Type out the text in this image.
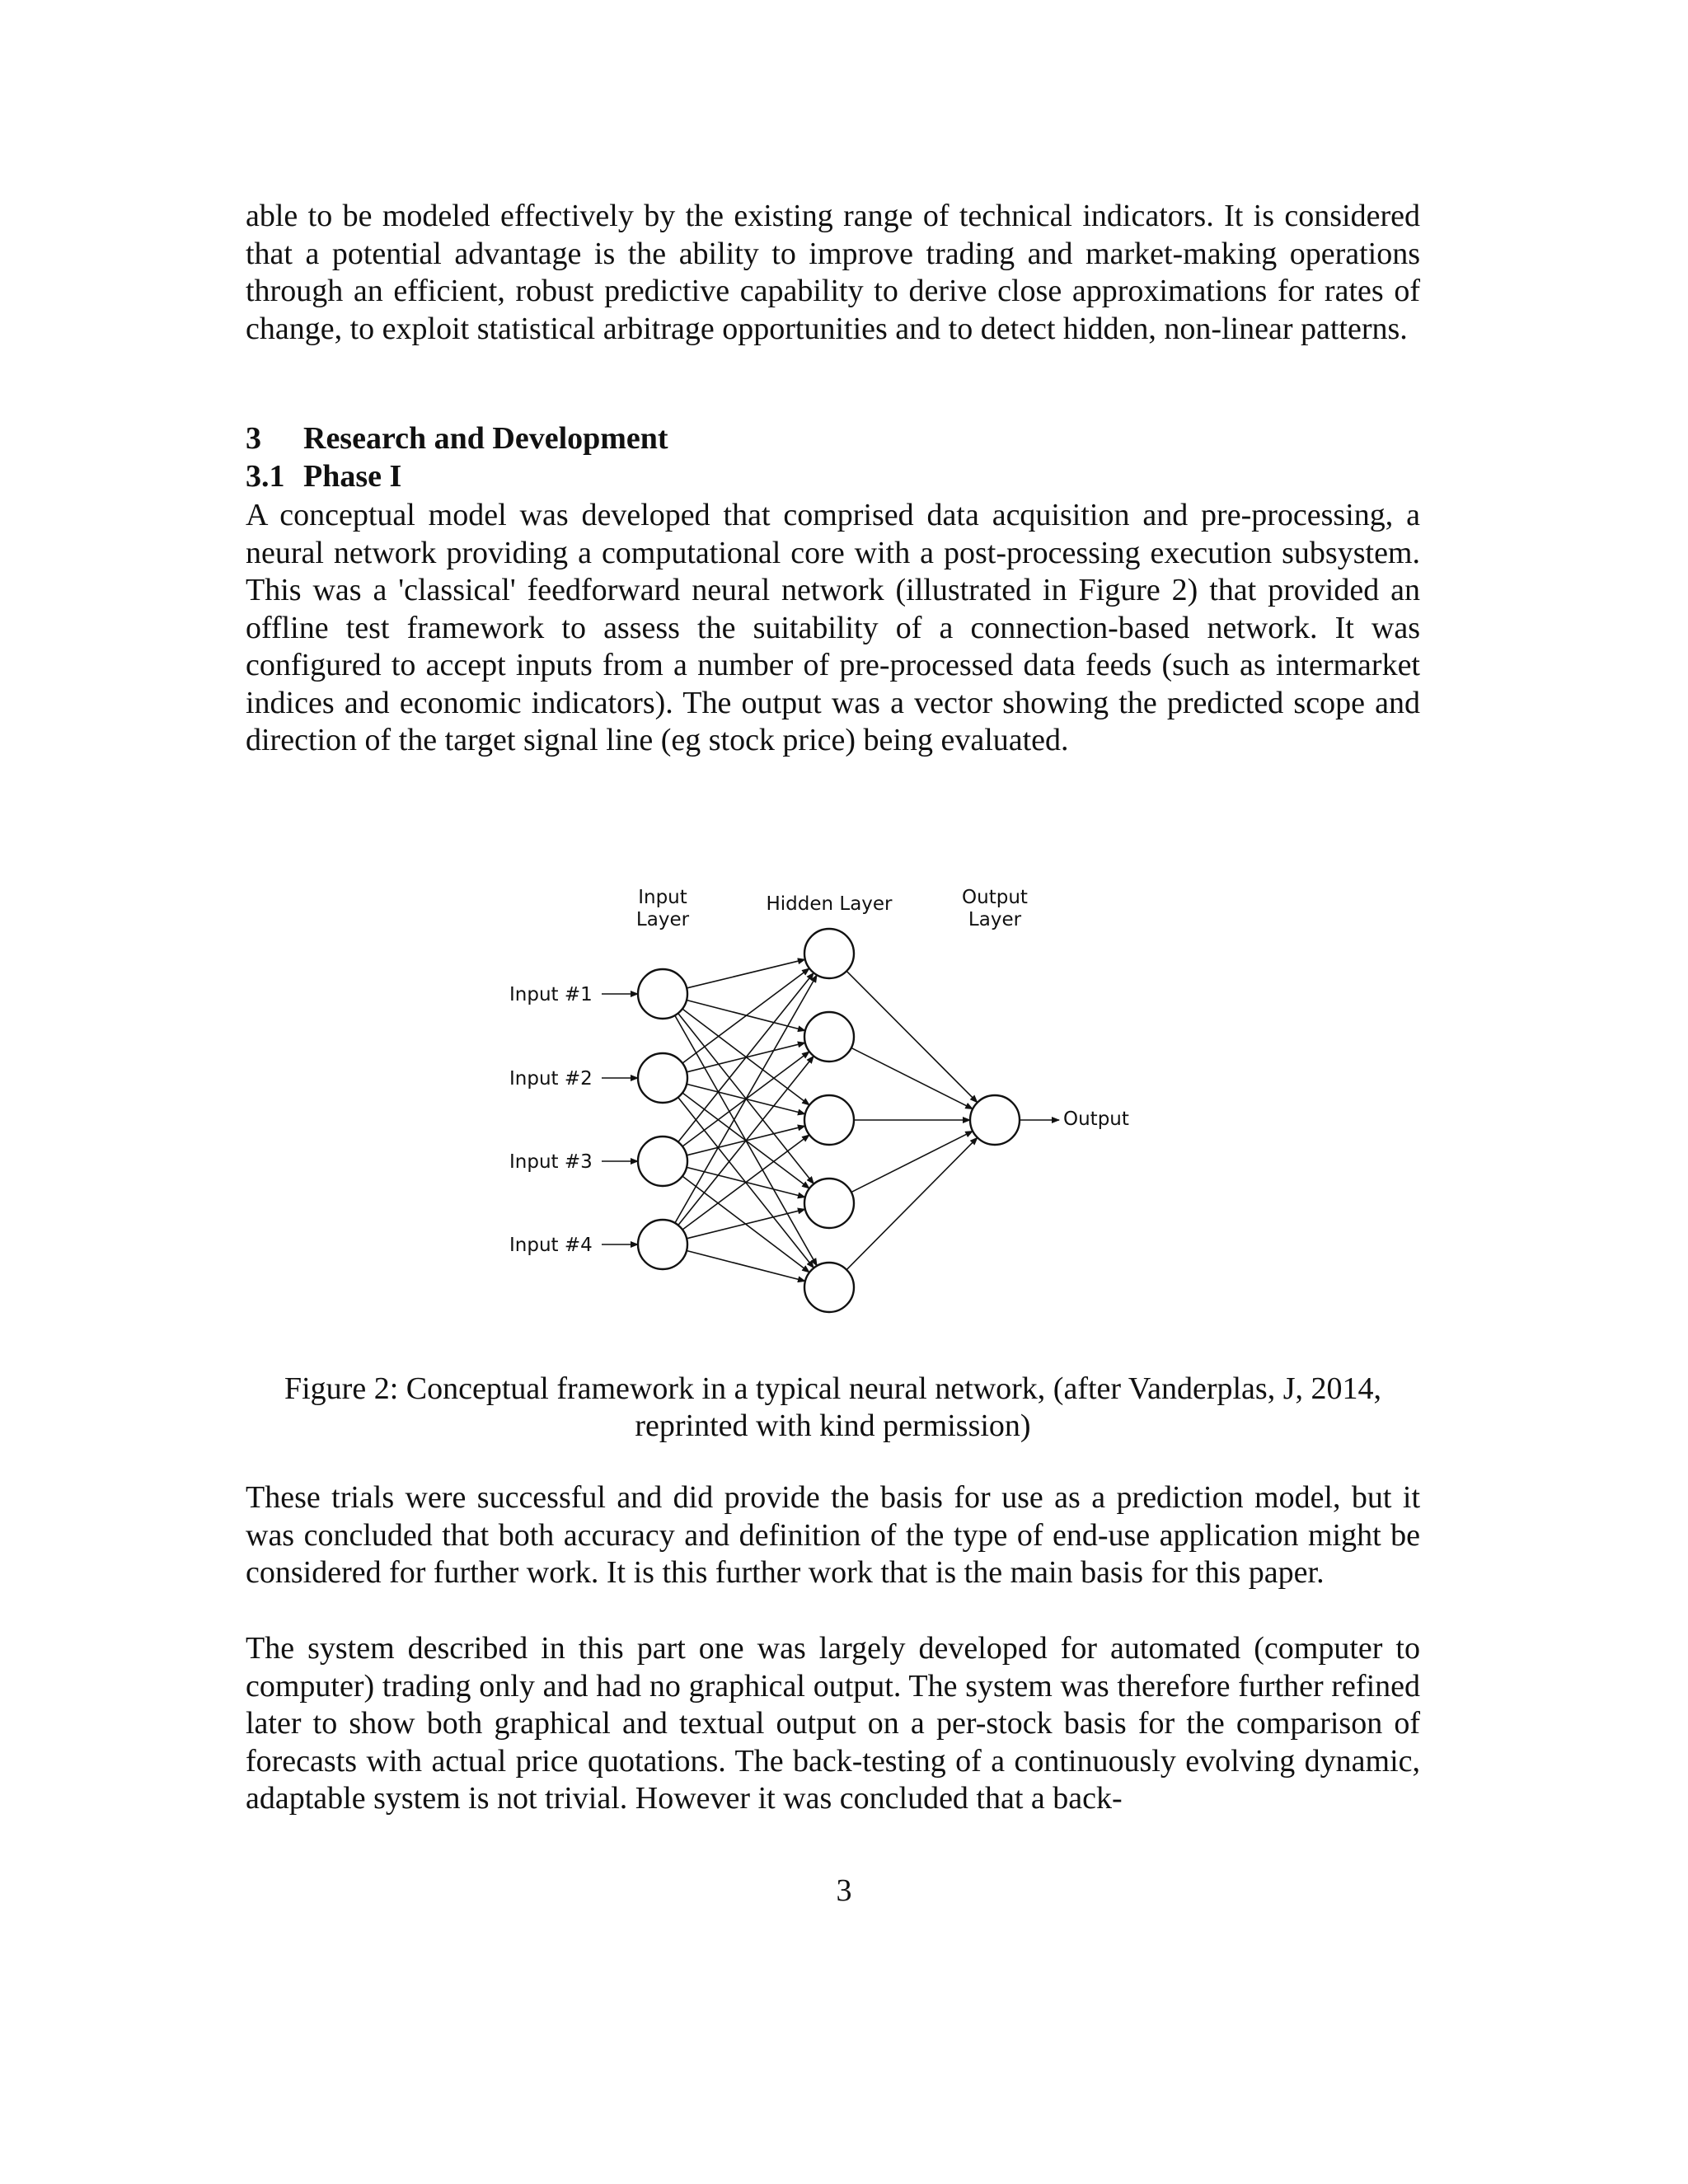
able to be modeled effectively by the existing range of technical indicators. It is considered that a potential advantage is the ability to improve trading and market-making operations through an efficient, robust predictive capability to derive close approximations for rates of change, to exploit statistical arbitrage opportunities and to detect hidden, non-linear patterns.
3 Research and Development
3.1 Phase I
A conceptual model was developed that comprised data acquisition and pre-processing, a neural network providing a computational core with a post-processing execution subsystem. This was a 'classical' feedforward neural network (illustrated in Figure 2) that provided an offline test framework to assess the suitability of a connection-based network. It was configured to accept inputs from a number of pre-processed data feeds (such as intermarket indices and economic indicators). The output was a vector showing the predicted scope and direction of the target signal line (eg stock price) being evaluated.
Input
Layer
Hidden Layer	Output
Layer
Input #1
Input #2
Input #3
Input #4
Output
Figure 2: Conceptual framework in a typical neural network, (after Vanderplas, J, 2014,
reprinted with kind permission)
These trials were successful and did provide the basis for use as a prediction model, but it was concluded that both accuracy and definition of the type of end-use application might be considered for further work. It is this further work that is the main basis for this paper.
The system described in this part one was largely developed for automated (computer to computer) trading only and had no graphical output. The system was therefore further refined later to show both graphical and textual output on a per-stock basis for the comparison of forecasts with actual price quotations. The back-testing of a continuously evolving dynamic, adaptable system is not trivial. However it was concluded that a back-
3
